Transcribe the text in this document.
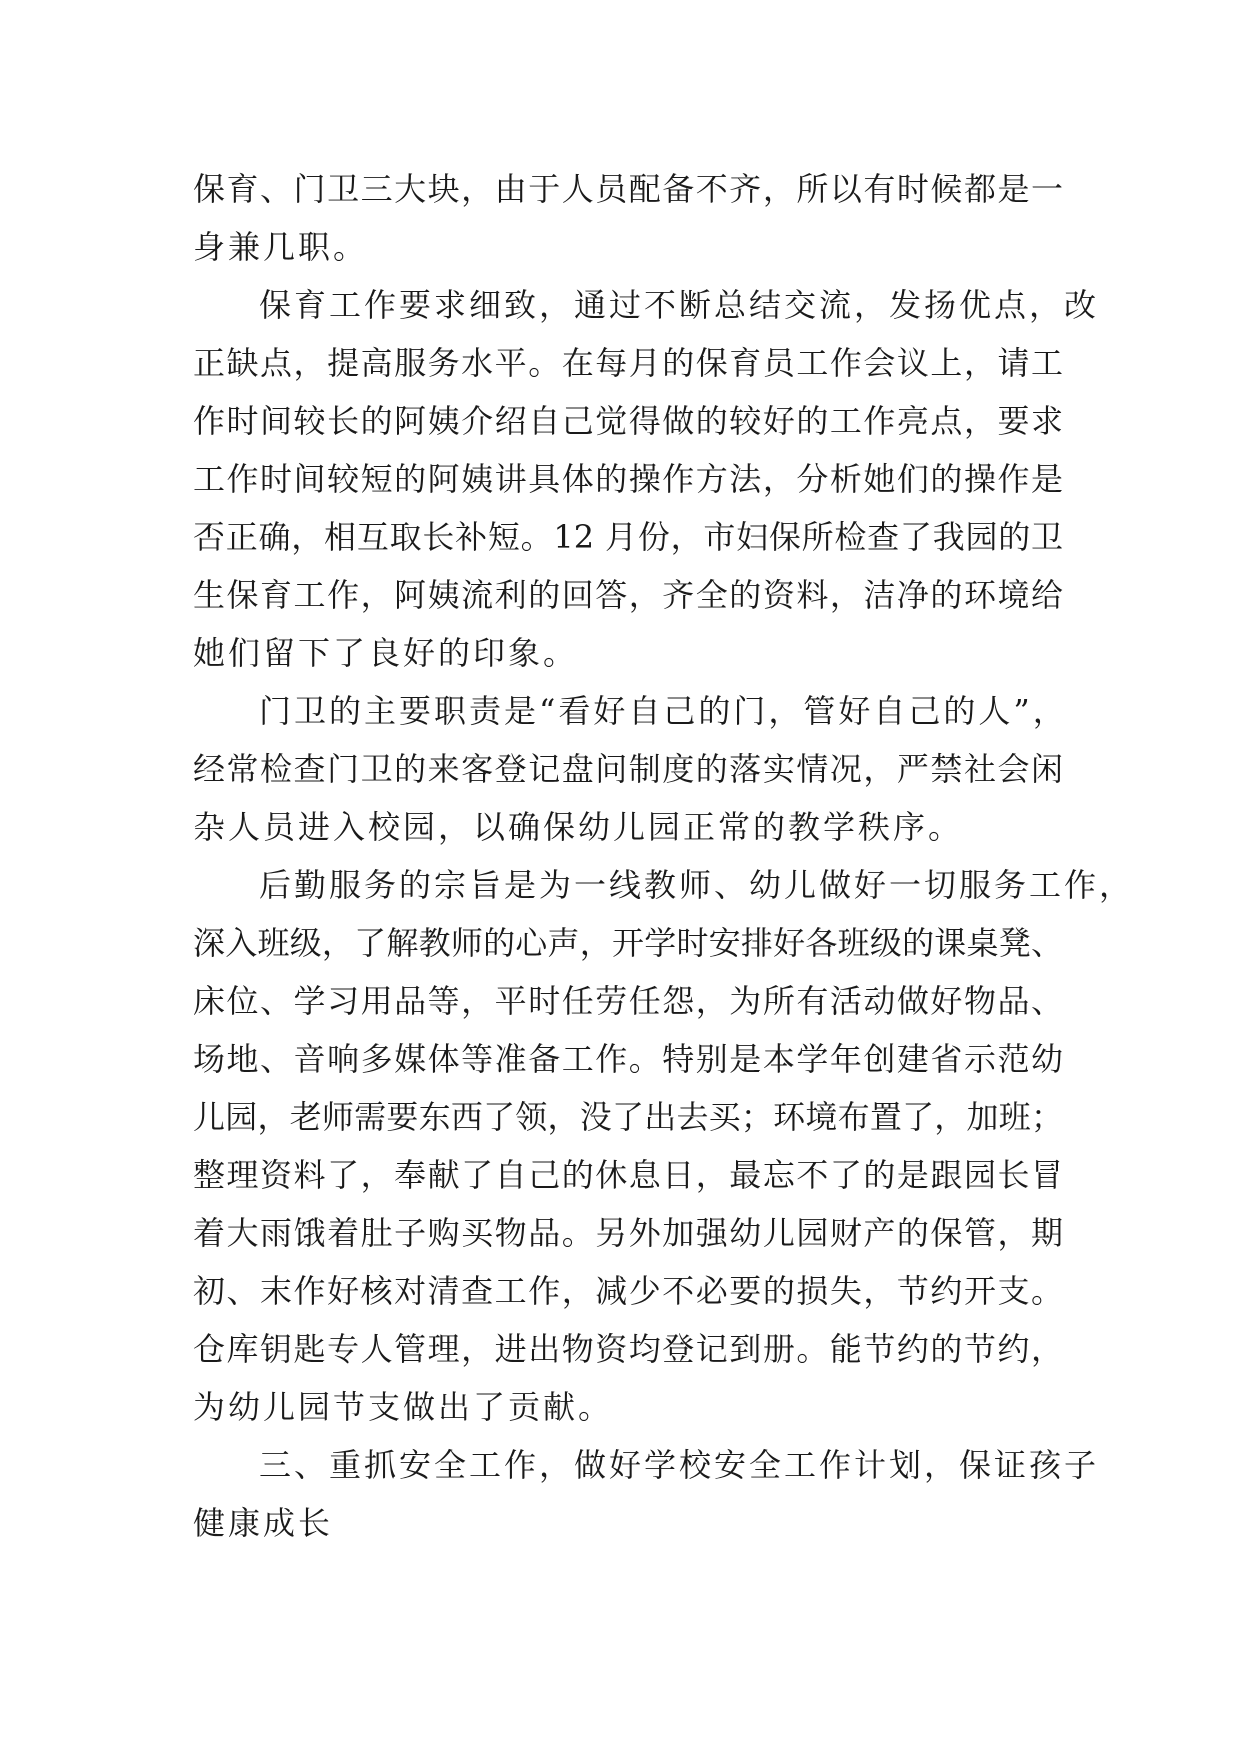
保育、门卫三大块，由于人员配备不齐，所以有时候都是一
身兼几职。
保育工作要求细致，通过不断总结交流，发扬优点，改
正缺点，提高服务水平。在每月的保育员工作会议上，请工
作时间较长的阿姨介绍自己觉得做的较好的工作亮点，要求
工作时间较短的阿姨讲具体的操作方法，分析她们的操作是
否正确，相互取长补短。12 月份，市妇保所检查了我园的卫
生保育工作，阿姨流利的回答，齐全的资料，洁净的环境给
她们留下了良好的印象。
门卫的主要职责是“看好自己的门，管好自己的人”，
经常检查门卫的来客登记盘问制度的落实情况，严禁社会闲
杂人员进入校园，以确保幼儿园正常的教学秩序。
后勤服务的宗旨是为一线教师、幼儿做好一切服务工作，
深入班级，了解教师的心声，开学时安排好各班级的课桌凳、
床位、学习用品等，平时任劳任怨，为所有活动做好物品、
场地、音响多媒体等准备工作。特别是本学年创建省示范幼
儿园，老师需要东西了领，没了出去买；环境布置了，加班；
整理资料了，奉献了自己的休息日，最忘不了的是跟园长冒
着大雨饿着肚子购买物品。另外加强幼儿园财产的保管，期
初、末作好核对清查工作，减少不必要的损失，节约开支。
仓库钥匙专人管理，进出物资均登记到册。能节约的节约，
为幼儿园节支做出了贡献。
三、重抓安全工作，做好学校安全工作计划，保证孩子
健康成长
